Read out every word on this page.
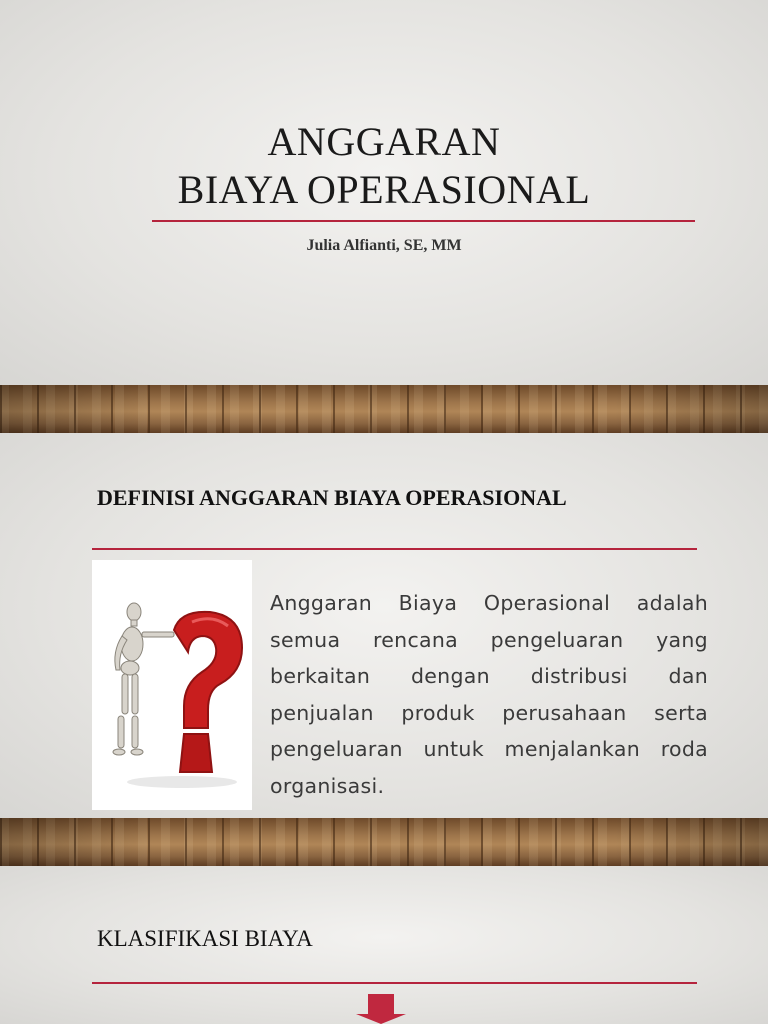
ANGGARAN
BIAYA OPERASIONAL
Julia Alfianti, SE, MM
DEFINISI ANGGARAN BIAYA OPERASIONAL
Anggaran Biaya Operasional adalah semua rencana pengeluaran yang berkaitan dengan distribusi dan penjualan produk perusahaan serta pengeluaran untuk menjalankan roda organisasi.
KLASIFIKASI BIAYA
